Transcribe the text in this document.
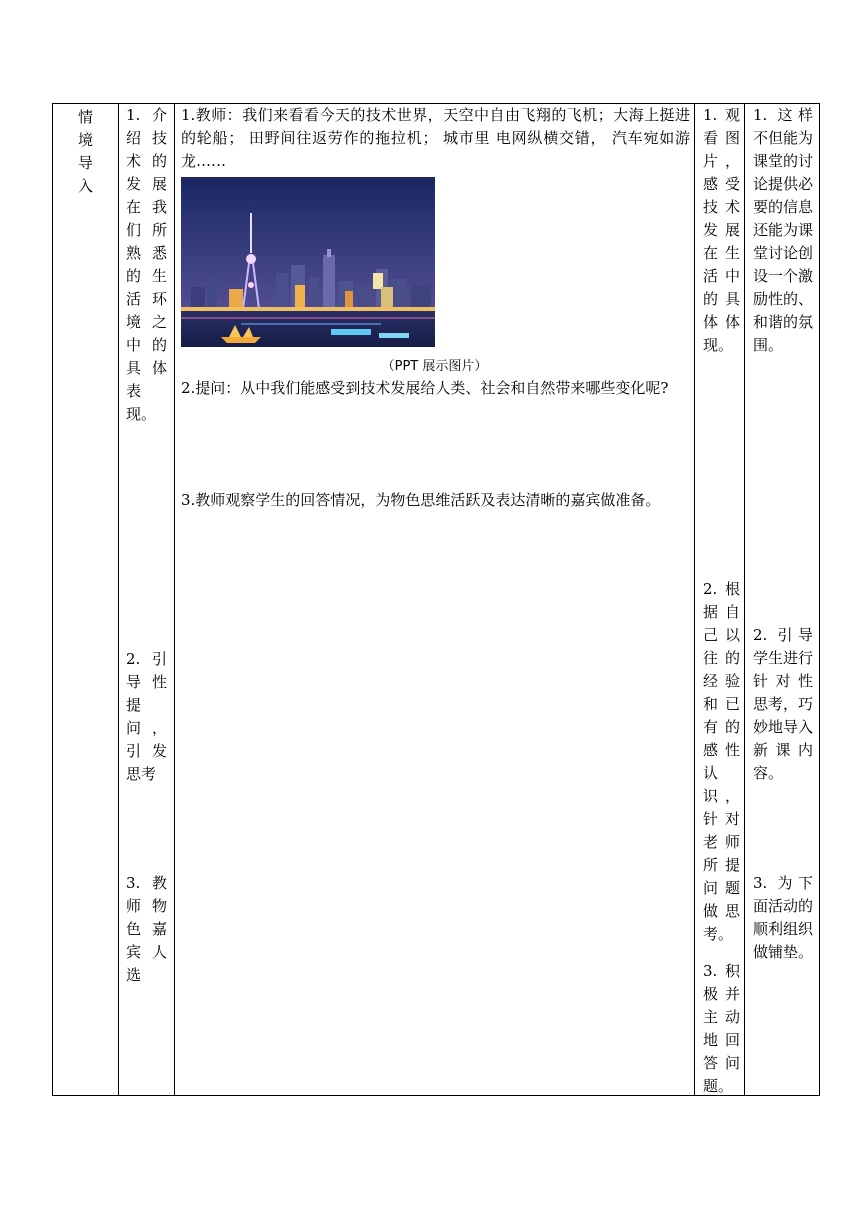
情
境
导
入

1. 介绍技术的发展在我们所熟悉的生活环境之中的具体表现。
2. 引导性提问，引发思考
3. 教师物色嘉宾人选

1.教师：我们来看看今天的技术世界，天空中自由飞翔的飞机；大海上挺进的轮船； 田野间往返劳作的拖拉机； 城市里 电网纵横交错， 汽车宛如游龙……
（PPT 展示图片）
2.提问：从中我们能感受到技术发展给人类、社会和自然带来哪些变化呢?
3.教师观察学生的回答情况，为物色思维活跃及表达清晰的嘉宾做准备。

1.观看图片，感受技术发展在生活中的具体体现。
2.根据自己以往的经验和已有的感性认识，针对老师所提问题做思考。
3.积极并主动地回答问题。

1. 这样不但能为课堂的讨论提供必要的信息还能为课堂讨论创设一个激励性的、和谐的氛围。
2. 引导学生进行针对性 思考，巧妙地导入新课内容。
3. 为下面活动的顺利组织做铺垫。
